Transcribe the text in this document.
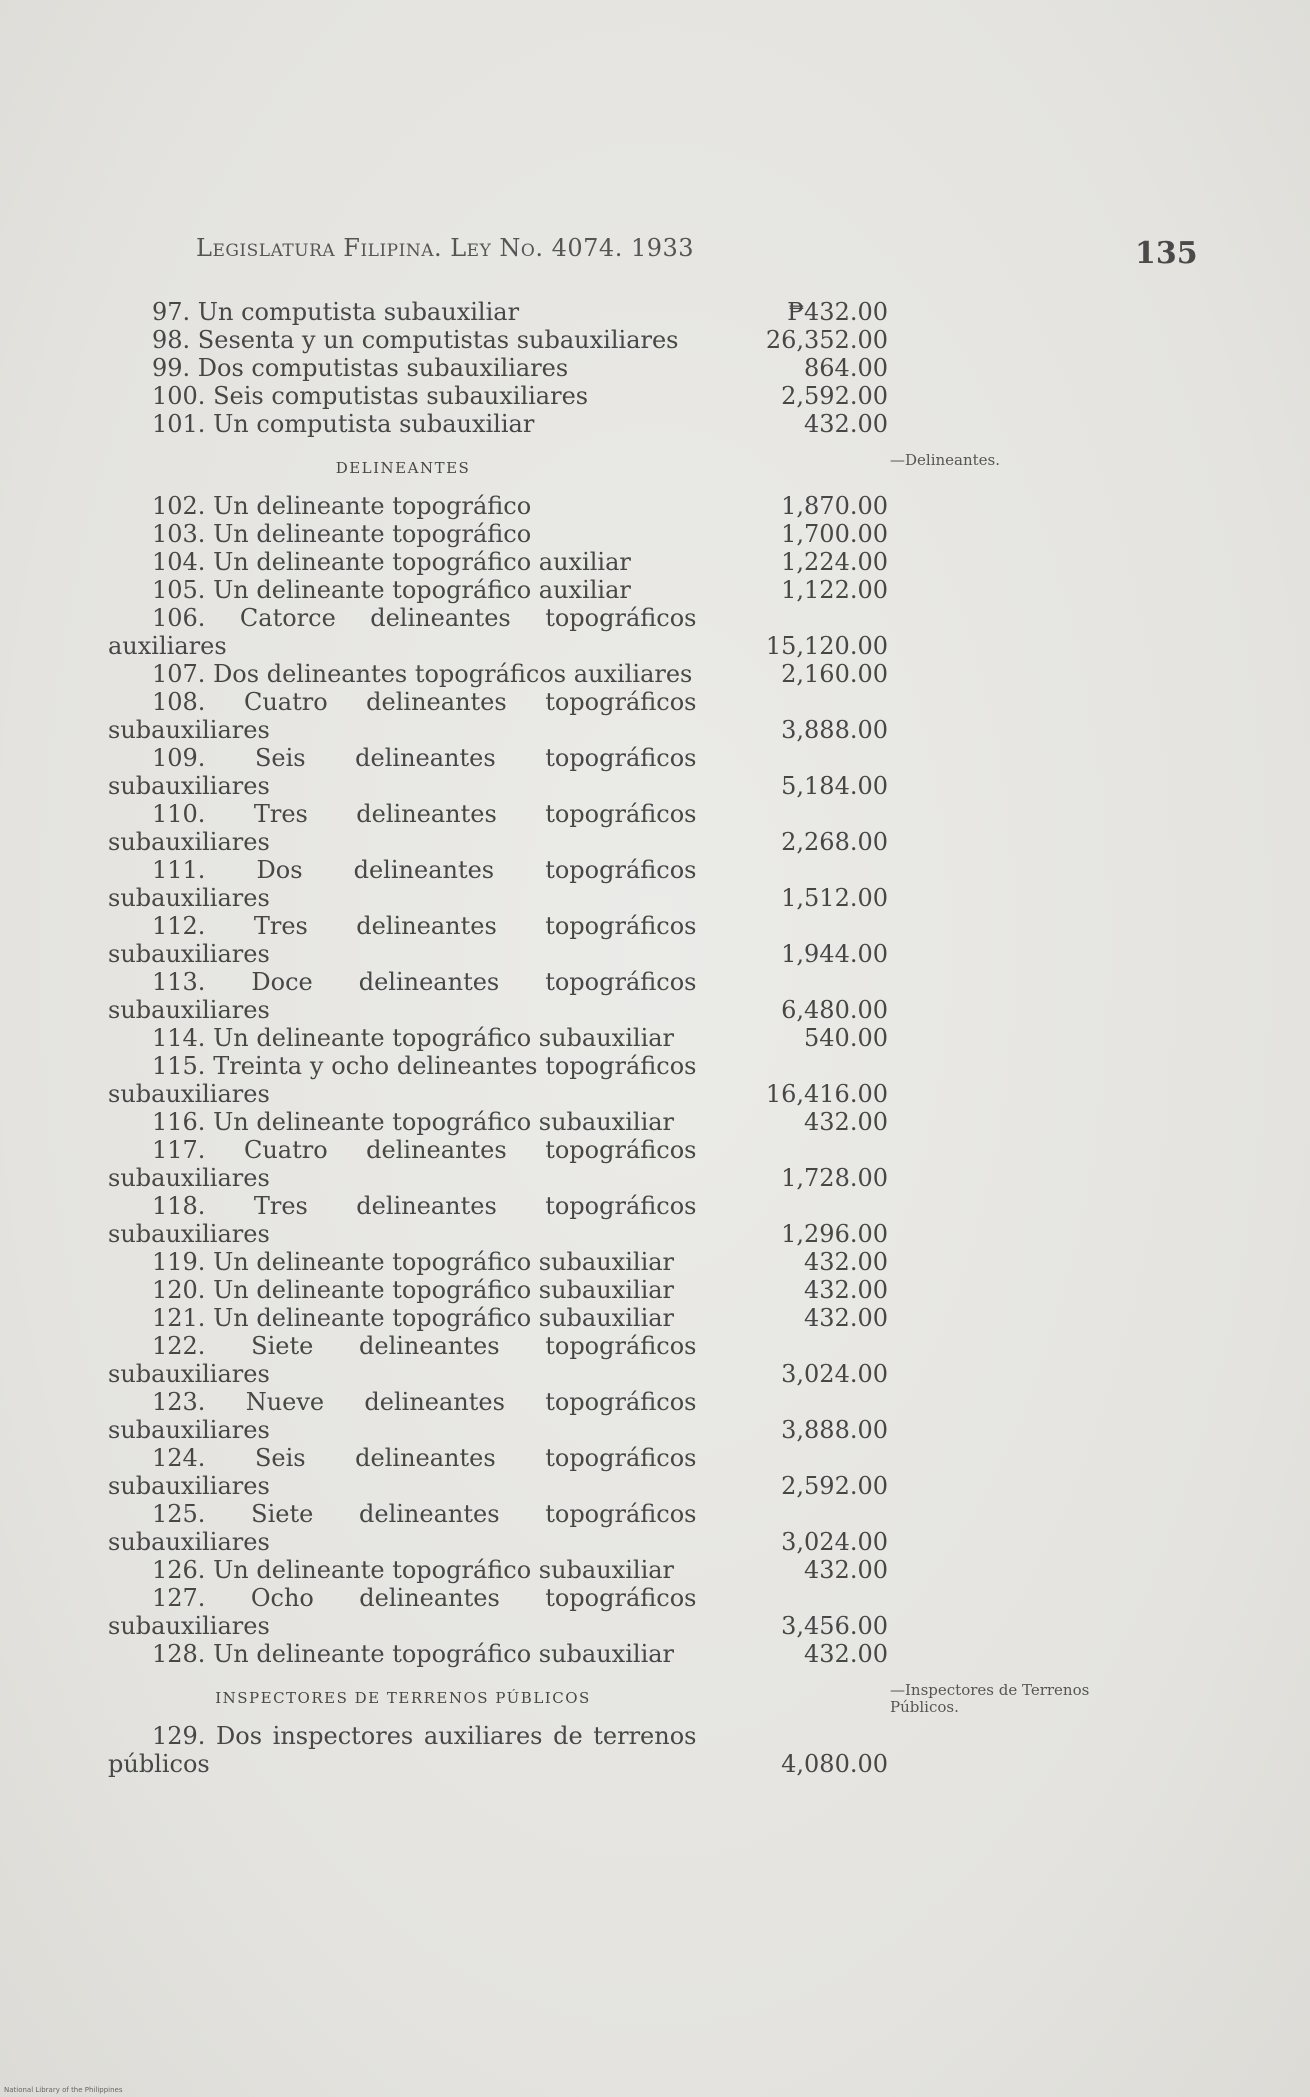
Legislatura Filipina. Ley No. 4074. 1933	135
97. Un computista subauxiliar	₱432.00
98. Sesenta y un computistas subauxiliares	26,352.00
99. Dos computistas subauxiliares	864.00
100. Seis computistas subauxiliares	2,592.00
101. Un computista subauxiliar	432.00
DELINEANTES
102. Un delineante topográfico	1,870.00
103. Un delineante topográfico	1,700.00
104. Un delineante topográfico auxiliar	1,224.00
105. Un delineante topográfico auxiliar	1,122.00
106. Catorce delineantes topográficos auxiliares	15,120.00
107. Dos delineantes topográficos auxiliares	2,160.00
108. Cuatro delineantes topográficos subauxiliares	3,888.00
109. Seis delineantes topográficos subauxiliares	5,184.00
110. Tres delineantes topográficos subauxiliares	2,268.00
111. Dos delineantes topográficos subauxiliares	1,512.00
112. Tres delineantes topográficos subauxiliares	1,944.00
113. Doce delineantes topográficos subauxiliares	6,480.00
114. Un delineante topográfico subauxiliar	540.00
115. Treinta y ocho delineantes topográficos subauxiliares	16,416.00
116. Un delineante topográfico subauxiliar	432.00
117. Cuatro delineantes topográficos subauxiliares	1,728.00
118. Tres delineantes topográficos subauxiliares	1,296.00
119. Un delineante topográfico subauxiliar	432.00
120. Un delineante topográfico subauxiliar	432.00
121. Un delineante topográfico subauxiliar	432.00
122. Siete delineantes topográficos subauxiliares	3,024.00
123. Nueve delineantes topográficos subauxiliares	3,888.00
124. Seis delineantes topográficos subauxiliares	2,592.00
125. Siete delineantes topográficos subauxiliares	3,024.00
126. Un delineante topográfico subauxiliar	432.00
127. Ocho delineantes topográficos subauxiliares	3,456.00
128. Un delineante topográfico subauxiliar	432.00
INSPECTORES DE TERRENOS PÚBLICOS
129. Dos inspectores auxiliares de terrenos públicos	4,080.00
—Delineantes.
—Inspectores de Terrenos Públicos.
National Library of the Philippines
